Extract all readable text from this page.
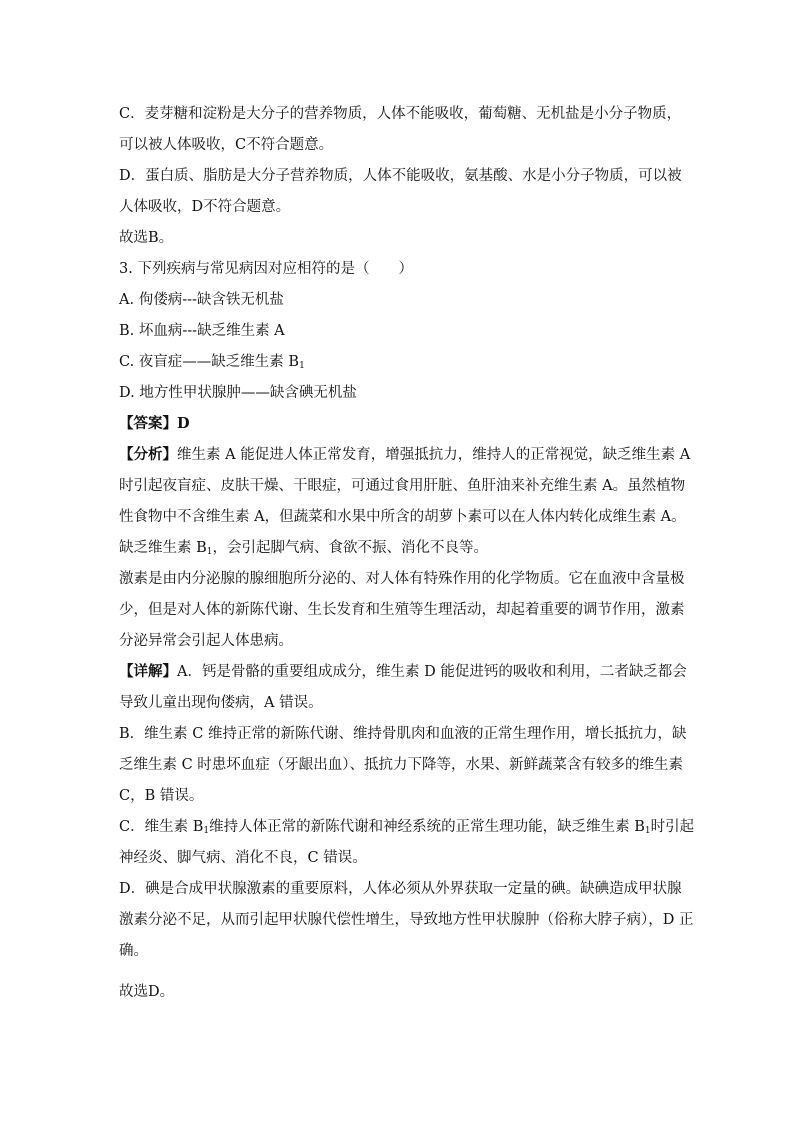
C．麦芽糖和淀粉是大分子的营养物质，人体不能吸收，葡萄糖、无机盐是小分子物质，
可以被人体吸收，C不符合题意。
D．蛋白质、脂肪是大分子营养物质，人体不能吸收，氨基酸、水是小分子物质，可以被
人体吸收，D不符合题意。
故选B。
3. 下列疾病与常见病因对应相符的是（　　）
A. 佝偻病---缺含铁无机盐
B. 坏血病---缺乏维生素 A
C. 夜盲症——缺乏维生素 $B_1$
D. 地方性甲状腺肿——缺含碘无机盐
【答案】D
【分析】维生素 A 能促进人体正常发育，增强抵抗力，维持人的正常视觉，缺乏维生素 A
时引起夜盲症、皮肤干燥、干眼症，可通过食用肝脏、鱼肝油来补充维生素 A。虽然植物
性食物中不含维生素 A，但蔬菜和水果中所含的胡萝卜素可以在人体内转化成维生素 A。
缺乏维生素 $B_1$，会引起脚气病、食欲不振、消化不良等。
激素是由内分泌腺的腺细胞所分泌的、对人体有特殊作用的化学物质。它在血液中含量极
少，但是对人体的新陈代谢、生长发育和生殖等生理活动，却起着重要的调节作用，激素
分泌异常会引起人体患病。
【详解】A．钙是骨骼的重要组成成分，维生素 D 能促进钙的吸收和利用，二者缺乏都会
导致儿童出现佝偻病，A 错误。
B．维生素 C 维持正常的新陈代谢、维持骨肌肉和血液的正常生理作用，增长抵抗力，缺
乏维生素 C 时患坏血症（牙龈出血）、抵抗力下降等，水果、新鲜蔬菜含有较多的维生素
C，B 错误。
C．维生素 $B_1$维持人体正常的新陈代谢和神经系统的正常生理功能，缺乏维生素 $B_1$时引起
神经炎、脚气病、消化不良，C 错误。
D．碘是合成甲状腺激素的重要原料，人体必须从外界获取一定量的碘。缺碘造成甲状腺
激素分泌不足，从而引起甲状腺代偿性增生，导致地方性甲状腺肿（俗称大脖子病），D 正
确。
故选D。
